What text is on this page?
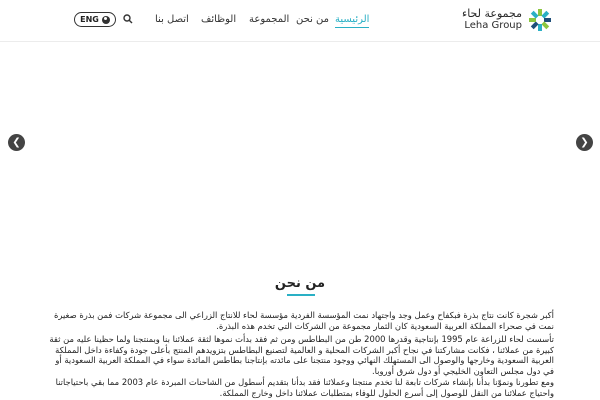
مجموعة لحاء
Leha Group
الرئيسية
من نحن
المجموعة
الوظائف
اتصل بنا
ENG
❮	❯
من نحن
أكبر شجرة كانت نتاج بذرة فبكفاح وعمل وجد واجتهاد نمت المؤسسة الفردية مؤسسة لحاء للانتاج الزراعي الى مجموعة شركات فمن بذرة صغيرة نمت في صحراء المملكة العربية السعودية كان الثمار مجموعة من الشركات التي تخدم هذه البذرة.
تأسست لحاء للزراعة عام 1995 بإنتاجية وقدرها 2000 طن من البطاطس ومن ثم فقد بدأت نموها لثقة عملائنا بنا وبمنتجنا ولما حظينا عليه من ثقة كبيرة من عملائنا ، فكانت مشاركتنا في نجاح أكبر الشركات المحلية و العالمية لتصنيع البطاطس بتزويدهم المنتج بأعلى جودة وكفاءة داخل المملكة العربية السعودية وخارجها والوصول الى المستهلك النهائي ووجود منتجنا على مائدته بإنتاجنا بطاطس المائدة سواء في المملكة العربية السعودية أو في دول مجلس التعاون الخليجي أو دول شرق أوروبا.
ومع تطورنا ونموّنا بدأنا بإنشاء شركات تابعة لنا تخدم منتجنا وعملائنا فقد بدأنا بتقديم أسطول من الشاحنات المبردة عام 2003 مما بقي باحتياجاتنا واحتياج عملائنا من النقل للوصول إلى أسرع الحلول للوفاء بمتطلبات عملائنا داخل وخارج المملكة.
